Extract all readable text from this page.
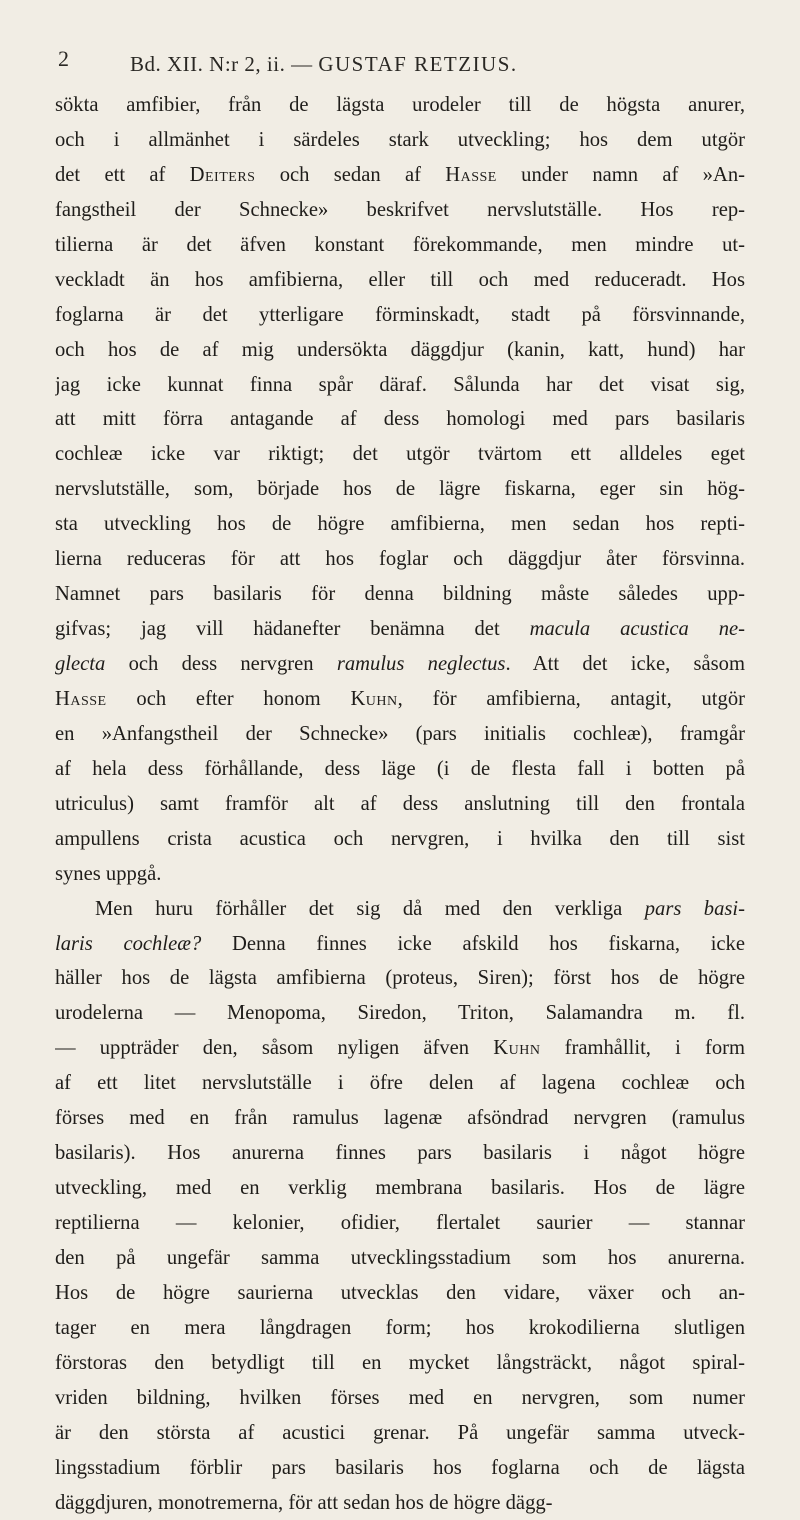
2	Bd. XII. N:r 2, ii. — GUSTAF RETZIUS.
sökta amfibier, från de lägsta urodeler till de högsta anurer,
och i allmänhet i särdeles stark utveckling; hos dem utgör
det ett af Deiters och sedan af Hasse under namn af »An-
fangstheil der Schnecke» beskrifvet nervslutställe. Hos rep-
tilierna är det äfven konstant förekommande, men mindre ut-
veckladt än hos amfibierna, eller till och med reduceradt. Hos
foglarna är det ytterligare förminskadt, stadt på försvinnande,
och hos de af mig undersökta däggdjur (kanin, katt, hund) har
jag icke kunnat finna spår däraf. Sålunda har det visat sig,
att mitt förra antagande af dess homologi med pars basilaris
cochleæ icke var riktigt; det utgör tvärtom ett alldeles eget
nervslutställe, som, började hos de lägre fiskarna, eger sin hög-
sta utveckling hos de högre amfibierna, men sedan hos repti-
lierna reduceras för att hos foglar och däggdjur åter försvinna.
Namnet pars basilaris för denna bildning måste således upp-
gifvas; jag vill hädanefter benämna det macula acustica ne-
glecta och dess nervgren ramulus neglectus. Att det icke, såsom
Hasse och efter honom Kuhn, för amfibierna, antagit, utgör
en »Anfangstheil der Schnecke» (pars initialis cochleæ), framgår
af hela dess förhållande, dess läge (i de flesta fall i botten på
utriculus) samt framför alt af dess anslutning till den frontala
ampullens crista acustica och nervgren, i hvilka den till sist
synes uppgå.
Men huru förhåller det sig då med den verkliga pars basi-
laris cochleæ? Denna finnes icke afskild hos fiskarna, icke
häller hos de lägsta amfibierna (proteus, Siren); först hos de högre
urodelerna — Menopoma, Siredon, Triton, Salamandra m. fl.
— uppträder den, såsom nyligen äfven Kuhn framhållit, i form
af ett litet nervslutställe i öfre delen af lagena cochleæ och
förses med en från ramulus lagenæ afsöndrad nervgren (ramulus
basilaris). Hos anurerna finnes pars basilaris i något högre
utveckling, med en verklig membrana basilaris. Hos de lägre
reptilierna — kelonier, ofidier, flertalet saurier — stannar
den på ungefär samma utvecklingsstadium som hos anurerna.
Hos de högre saurierna utvecklas den vidare, växer och an-
tager en mera långdragen form; hos krokodilierna slutligen
förstoras den betydligt till en mycket långsträckt, något spiral-
vriden bildning, hvilken förses med en nervgren, som numer
är den största af acustici grenar. På ungefär samma utveck-
lingsstadium förblir pars basilaris hos foglarna och de lägsta
däggdjuren, monotremerna, för att sedan hos de högre dägg-
